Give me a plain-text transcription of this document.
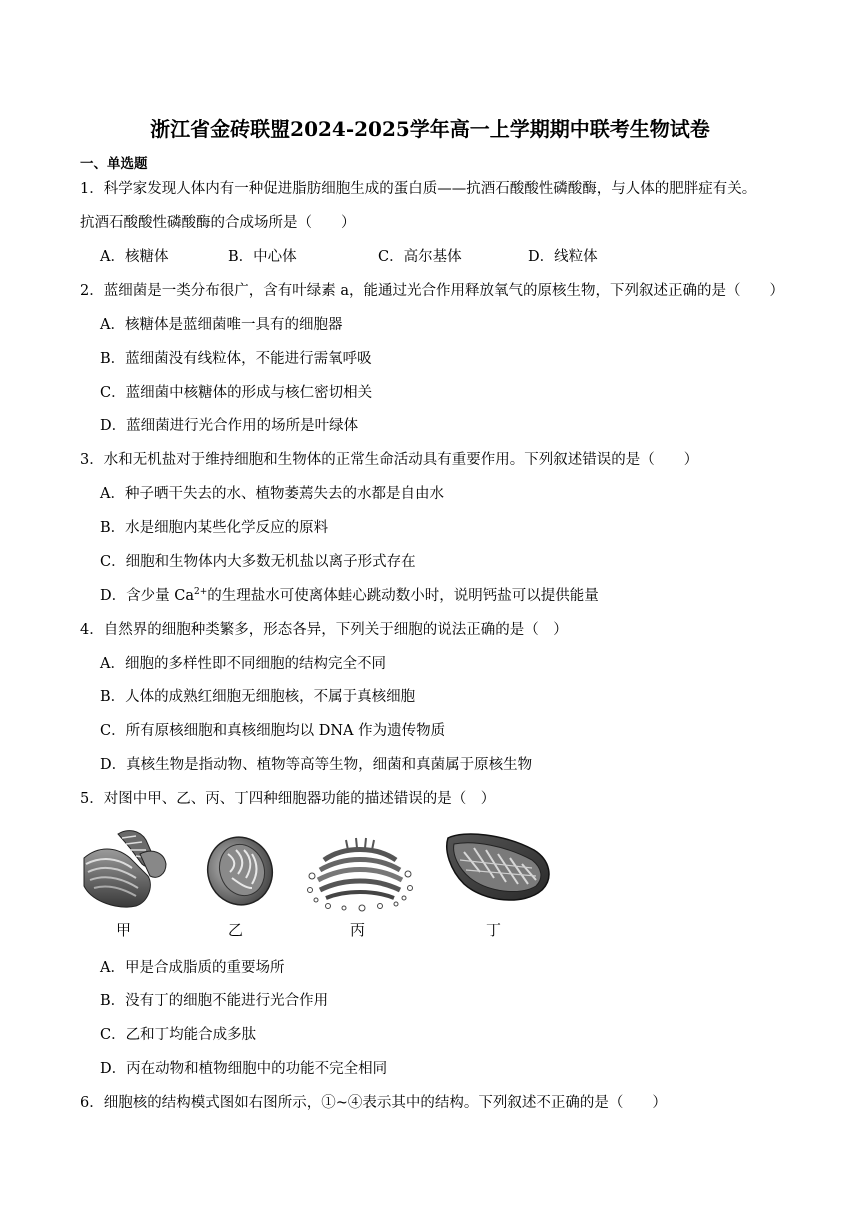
浙江省金砖联盟2024-2025学年高一上学期期中联考生物试卷
一、单选题
1．科学家发现人体内有一种促进脂肪细胞生成的蛋白质——抗酒石酸酸性磷酸酶，与人体的肥胖症有关。
抗酒石酸酸性磷酸酶的合成场所是（　　）
A．核糖体	B．中心体	C．高尔基体	D．线粒体
2．蓝细菌是一类分布很广，含有叶绿素 a，能通过光合作用释放氧气的原核生物，下列叙述正确的是（　　）
A．核糖体是蓝细菌唯一具有的细胞器
B．蓝细菌没有线粒体，不能进行需氧呼吸
C．蓝细菌中核糖体的形成与核仁密切相关
D．蓝细菌进行光合作用的场所是叶绿体
3．水和无机盐对于维持细胞和生物体的正常生命活动具有重要作用。下列叙述错误的是（　　）
A．种子晒干失去的水、植物萎蔫失去的水都是自由水
B．水是细胞内某些化学反应的原料
C．细胞和生物体内大多数无机盐以离子形式存在
D．含少量 $Ca^{2+}$的生理盐水可使离体蛙心跳动数小时，说明钙盐可以提供能量
4．自然界的细胞种类繁多，形态各异，下列关于细胞的说法正确的是（　）
A．细胞的多样性即不同细胞的结构完全不同
B．人体的成熟红细胞无细胞核，不属于真核细胞
C．所有原核细胞和真核细胞均以 DNA 作为遗传物质
D．真核生物是指动物、植物等高等生物，细菌和真菌属于原核生物
5．对图中甲、乙、丙、丁四种细胞器功能的描述错误的是（　）
甲	乙	丙	丁
A．甲是合成脂质的重要场所
B．没有丁的细胞不能进行光合作用
C．乙和丁均能合成多肽
D．丙在动物和植物细胞中的功能不完全相同
6．细胞核的结构模式图如右图所示，①~④表示其中的结构。下列叙述不正确的是（　　）
